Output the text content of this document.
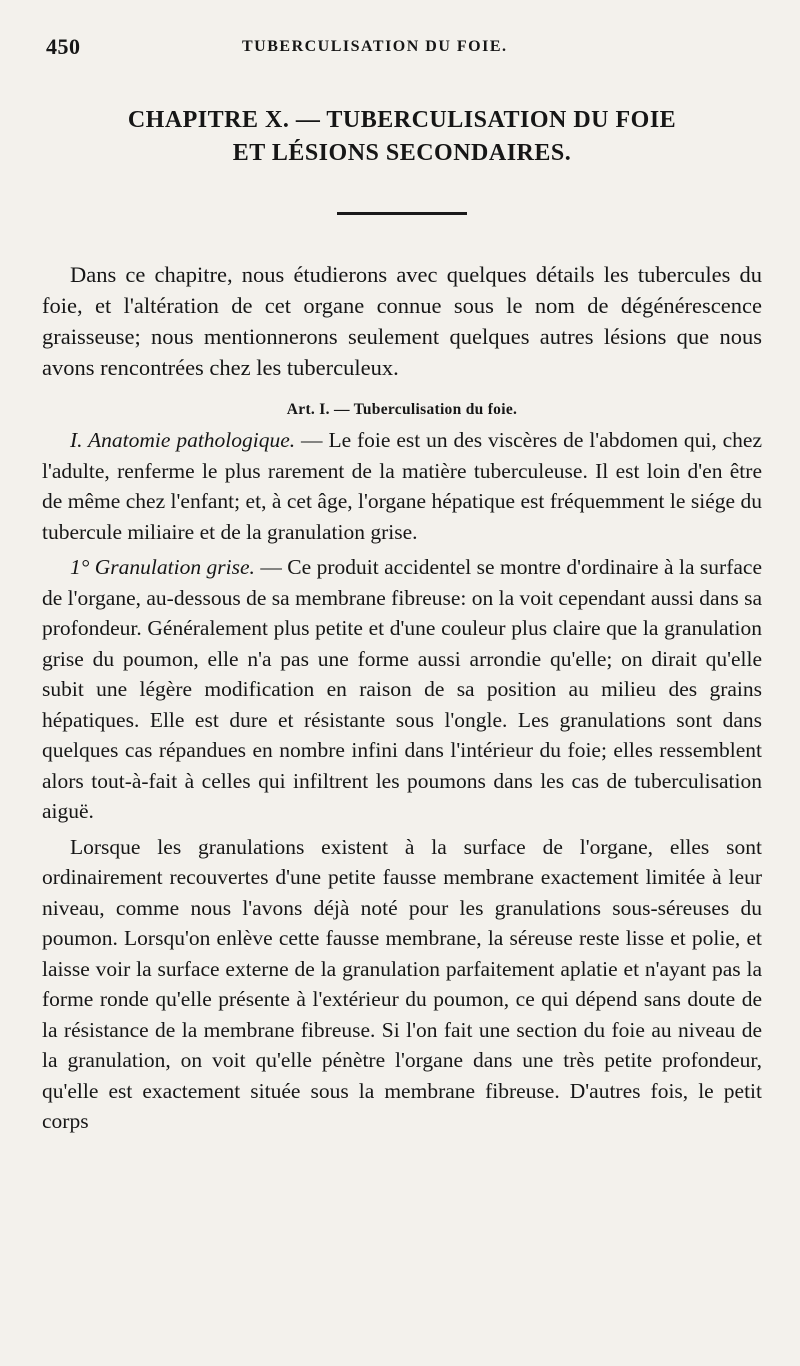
450	TUBERCULISATION DU FOIE.
CHAPITRE X. — TUBERCULISATION DU FOIE
ET LÉSIONS SECONDAIRES.

Dans ce chapitre, nous étudierons avec quelques détails les tubercules du foie, et l'altération de cet organe connue sous le nom de dégénérescence graisseuse; nous mentionnerons seulement quelques autres lésions que nous avons rencontrées chez les tuberculeux.

Art. I. — Tuberculisation du foie.

I. Anatomie pathologique. — Le foie est un des viscères de l'abdomen qui, chez l'adulte, renferme le plus rarement de la matière tuberculeuse. Il est loin d'en être de même chez l'enfant; et, à cet âge, l'organe hépatique est fréquemment le siége du tubercule miliaire et de la granulation grise.

1° Granulation grise. — Ce produit accidentel se montre d'ordinaire à la surface de l'organe, au-dessous de sa membrane fibreuse: on la voit cependant aussi dans sa profondeur. Généralement plus petite et d'une couleur plus claire que la granulation grise du poumon, elle n'a pas une forme aussi arrondie qu'elle; on dirait qu'elle subit une légère modification en raison de sa position au milieu des grains hépatiques. Elle est dure et résistante sous l'ongle. Les granulations sont dans quelques cas répandues en nombre infini dans l'intérieur du foie; elles ressemblent alors tout-à-fait à celles qui infiltrent les poumons dans les cas de tuberculisation aiguë.

Lorsque les granulations existent à la surface de l'organe, elles sont ordinairement recouvertes d'une petite fausse membrane exactement limitée à leur niveau, comme nous l'avons déjà noté pour les granulations sous-séreuses du poumon. Lorsqu'on enlève cette fausse membrane, la séreuse reste lisse et polie, et laisse voir la surface externe de la granulation parfaitement aplatie et n'ayant pas la forme ronde qu'elle présente à l'extérieur du poumon, ce qui dépend sans doute de la résistance de la membrane fibreuse. Si l'on fait une section du foie au niveau de la granulation, on voit qu'elle pénètre l'organe dans une très petite profondeur, qu'elle est exactement située sous la membrane fibreuse. D'autres fois, le petit corps
